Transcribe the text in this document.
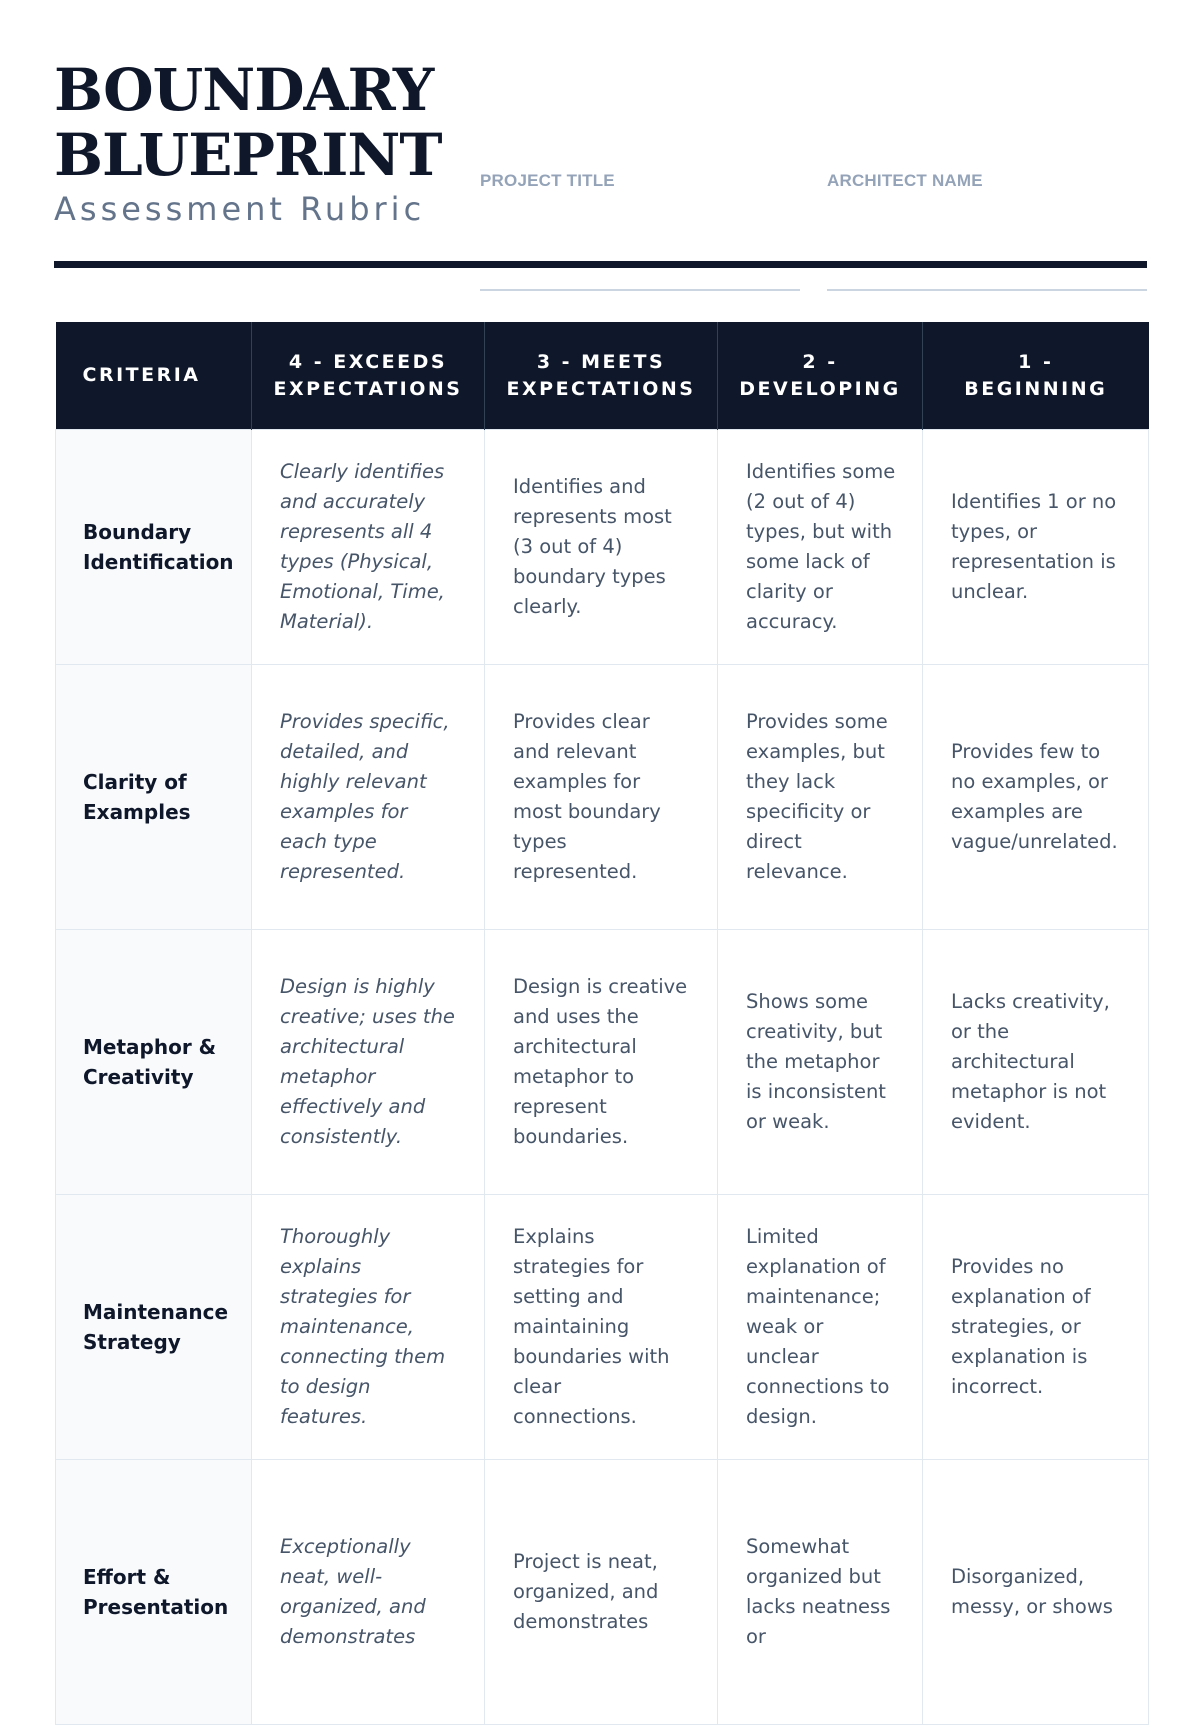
BOUNDARY
BLUEPRINT
Assessment Rubric
PROJECT TITLE	ARCHITECT NAME
CRITERIA	4 - EXCEEDS EXPECTATIONS	3 - MEETS EXPECTATIONS	2 - DEVELOPING	1 - BEGINNING
Boundary Identification	Clearly identifies and accurately represents all 4 types (Physical, Emotional, Time, Material).	Identifies and represents most (3 out of 4) boundary types clearly.	Identifies some (2 out of 4) types, but with some lack of clarity or accuracy.	Identifies 1 or no types, or representation is unclear.
Clarity of Examples	Provides specific, detailed, and highly relevant examples for each type represented.	Provides clear and relevant examples for most boundary types represented.	Provides some examples, but they lack specificity or direct relevance.	Provides few to no examples, or examples are vague/unrelated.
Metaphor & Creativity	Design is highly creative; uses the architectural metaphor effectively and consistently.	Design is creative and uses the architectural metaphor to represent boundaries.	Shows some creativity, but the metaphor is inconsistent or weak.	Lacks creativity, or the architectural metaphor is not evident.
Maintenance Strategy	Thoroughly explains strategies for maintenance, connecting them to design features.	Explains strategies for setting and maintaining boundaries with clear connections.	Limited explanation of maintenance; weak or unclear connections to design.	Provides no explanation of strategies, or explanation is incorrect.
Effort & Presentation	Exceptionally neat, well-organized, and demonstrates	Project is neat, organized, and demonstrates	Somewhat organized but lacks neatness or	Disorganized, messy, or shows
